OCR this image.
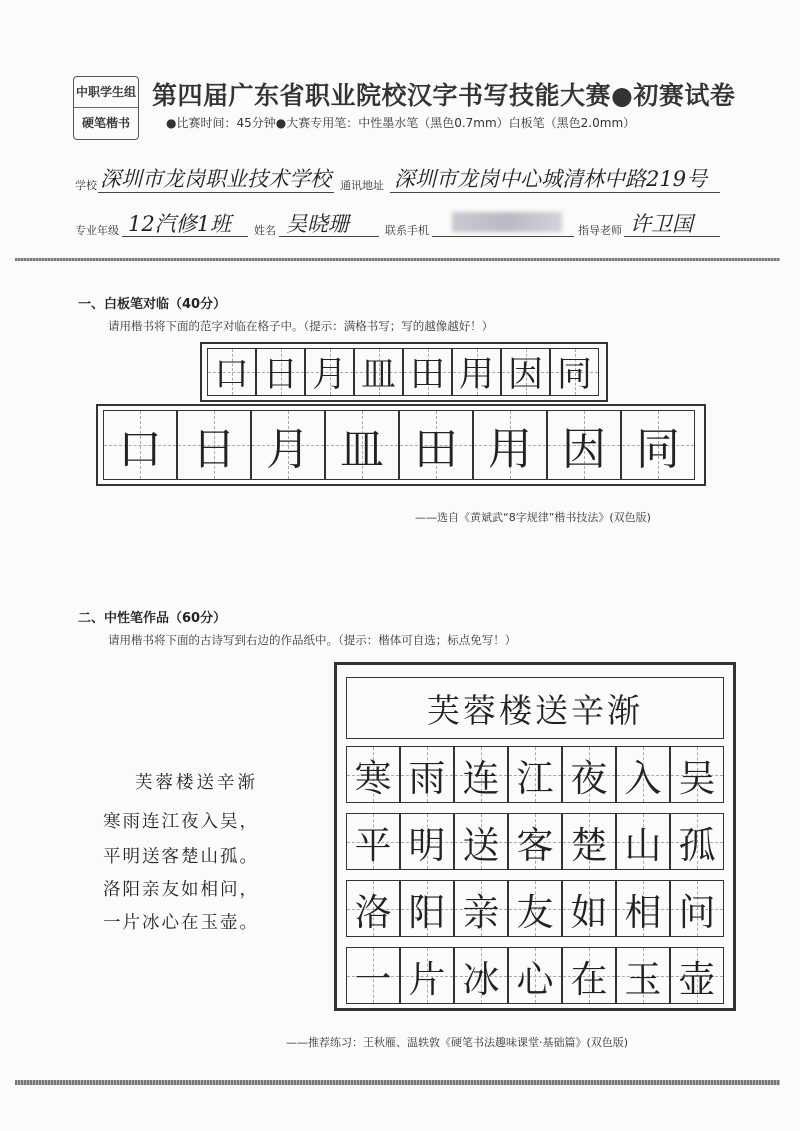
中职学生组
硬笔楷书
第四届广东省职业院校汉字书写技能大赛●初赛试卷
●比赛时间：45分钟●大赛专用笔：中性墨水笔（黑色0.7mm）白板笔（黑色2.0mm）
学校 深圳市龙岗职业技术学校 通讯地址 深圳市龙岗中心城清林中路219号
专业年级 12汽修1班 姓名 吴晓珊	联系手机	指导老师 许卫国
一、白板笔对临（40分）
请用楷书将下面的范字对临在格子中。（提示：满格书写；写的越像越好！）
口 日 月 皿 田 用 因 同
口 日 月 皿 田 用 因 同
——选自《黄斌武“8字规律”楷书技法》(双色版)
二、中性笔作品（60分）
请用楷书将下面的古诗写到右边的作品纸中。（提示：楷体可自选；标点免写！）
芙蓉楼送辛渐
寒雨连江夜入吴，
平明送客楚山孤。
洛阳亲友如相问，
一片冰心在玉壶。
芙蓉楼送辛渐
寒 雨 连 江 夜 入 吴
平 明 送 客 楚 山 孤
洛 阳 亲 友 如 相 问
一 片 冰 心 在 玉 壶
——推荐练习：王秋雁、温轶敦《硬笔书法趣味课堂·基础篇》(双色版)
